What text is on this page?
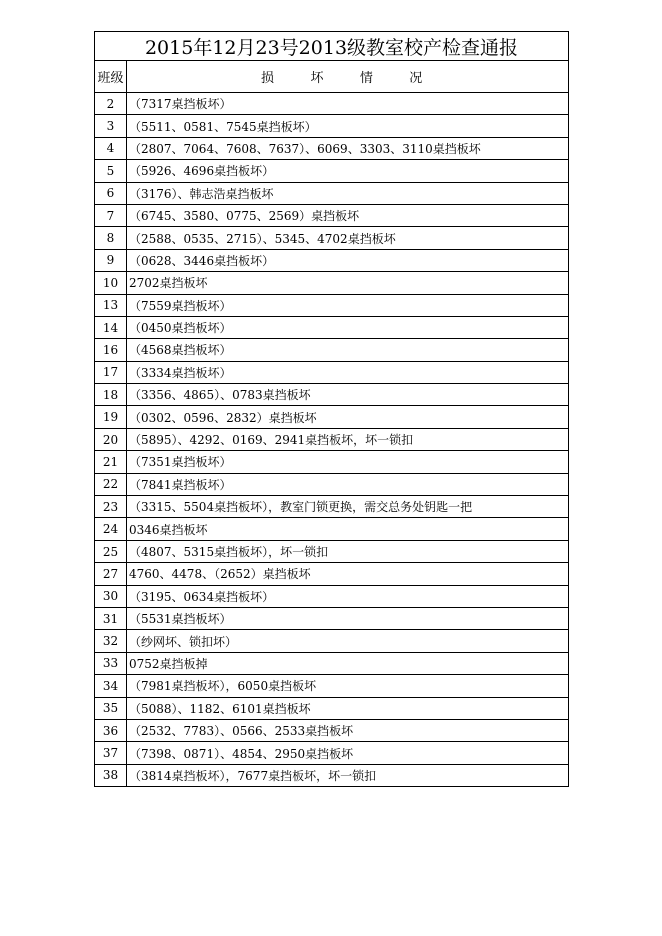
2015年12月23号2013级教室校产检查通报	
班级	损　坏　情　况
2	（7317桌挡板坏）
3	（5511、0581、7545桌挡板坏）
4	（2807、7064、7608、7637）、6069、3303、3110桌挡板坏
5	（5926、4696桌挡板坏）
6	（3176）、韩志浩桌挡板坏
7	（6745、3580、0775、2569）桌挡板坏
8	（2588、0535、2715）、5345、4702桌挡板坏
9	（0628、3446桌挡板坏）
10	2702桌挡板坏
13	（7559桌挡板坏）
14	（0450桌挡板坏）
16	（4568桌挡板坏）
17	（3334桌挡板坏）
18	（3356、4865）、0783桌挡板坏
19	（0302、0596、2832）桌挡板坏
20	（5895）、4292、0169、2941桌挡板坏，坏一锁扣
21	（7351桌挡板坏）
22	（7841桌挡板坏）
23	（3315、5504桌挡板坏），教室门锁更换，需交总务处钥匙一把
24	0346桌挡板坏
25	（4807、5315桌挡板坏），坏一锁扣
27	4760、4478、（2652）桌挡板坏
30	（3195、0634桌挡板坏）
31	（5531桌挡板坏）
32	（纱网坏、锁扣坏）
33	0752桌挡板掉
34	（7981桌挡板坏），6050桌挡板坏
35	（5088）、1182、6101桌挡板坏
36	（2532、7783）、0566、2533桌挡板坏
37	（7398、0871）、4854、2950桌挡板坏
38	（3814桌挡板坏），7677桌挡板坏，坏一锁扣
